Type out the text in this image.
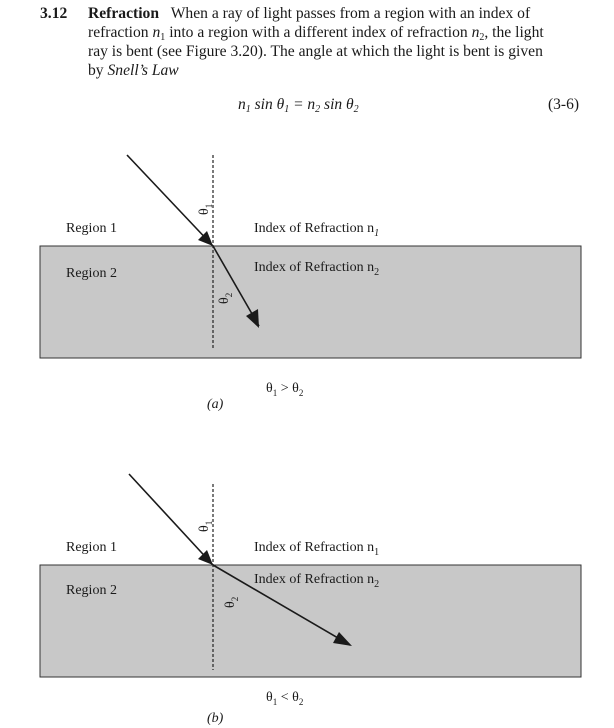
3.12 Refraction When a ray of light passes from a region with an index of
refraction $n_1$ into a region with a different index of refraction $n_2$, the light
ray is bent (see Figure 3.20). The angle at which the light is bent is given
by Snell’s Law
$n_1$ $\sin \theta_1 = n_2$ $\sin \theta_2$	(3-6)
Region 1
Region 2
Index of Refraction $n_1$
Index of Refraction $n_2$
$\theta_1$
$\theta_2$
$\theta_1 > \theta_2$
(a)
Region 1
Region 2
Index of Refraction $n_1$
Index of Refraction $n_2$
$\theta_1$
$\theta_2$
$\theta_1 < \theta_2$
(b)
